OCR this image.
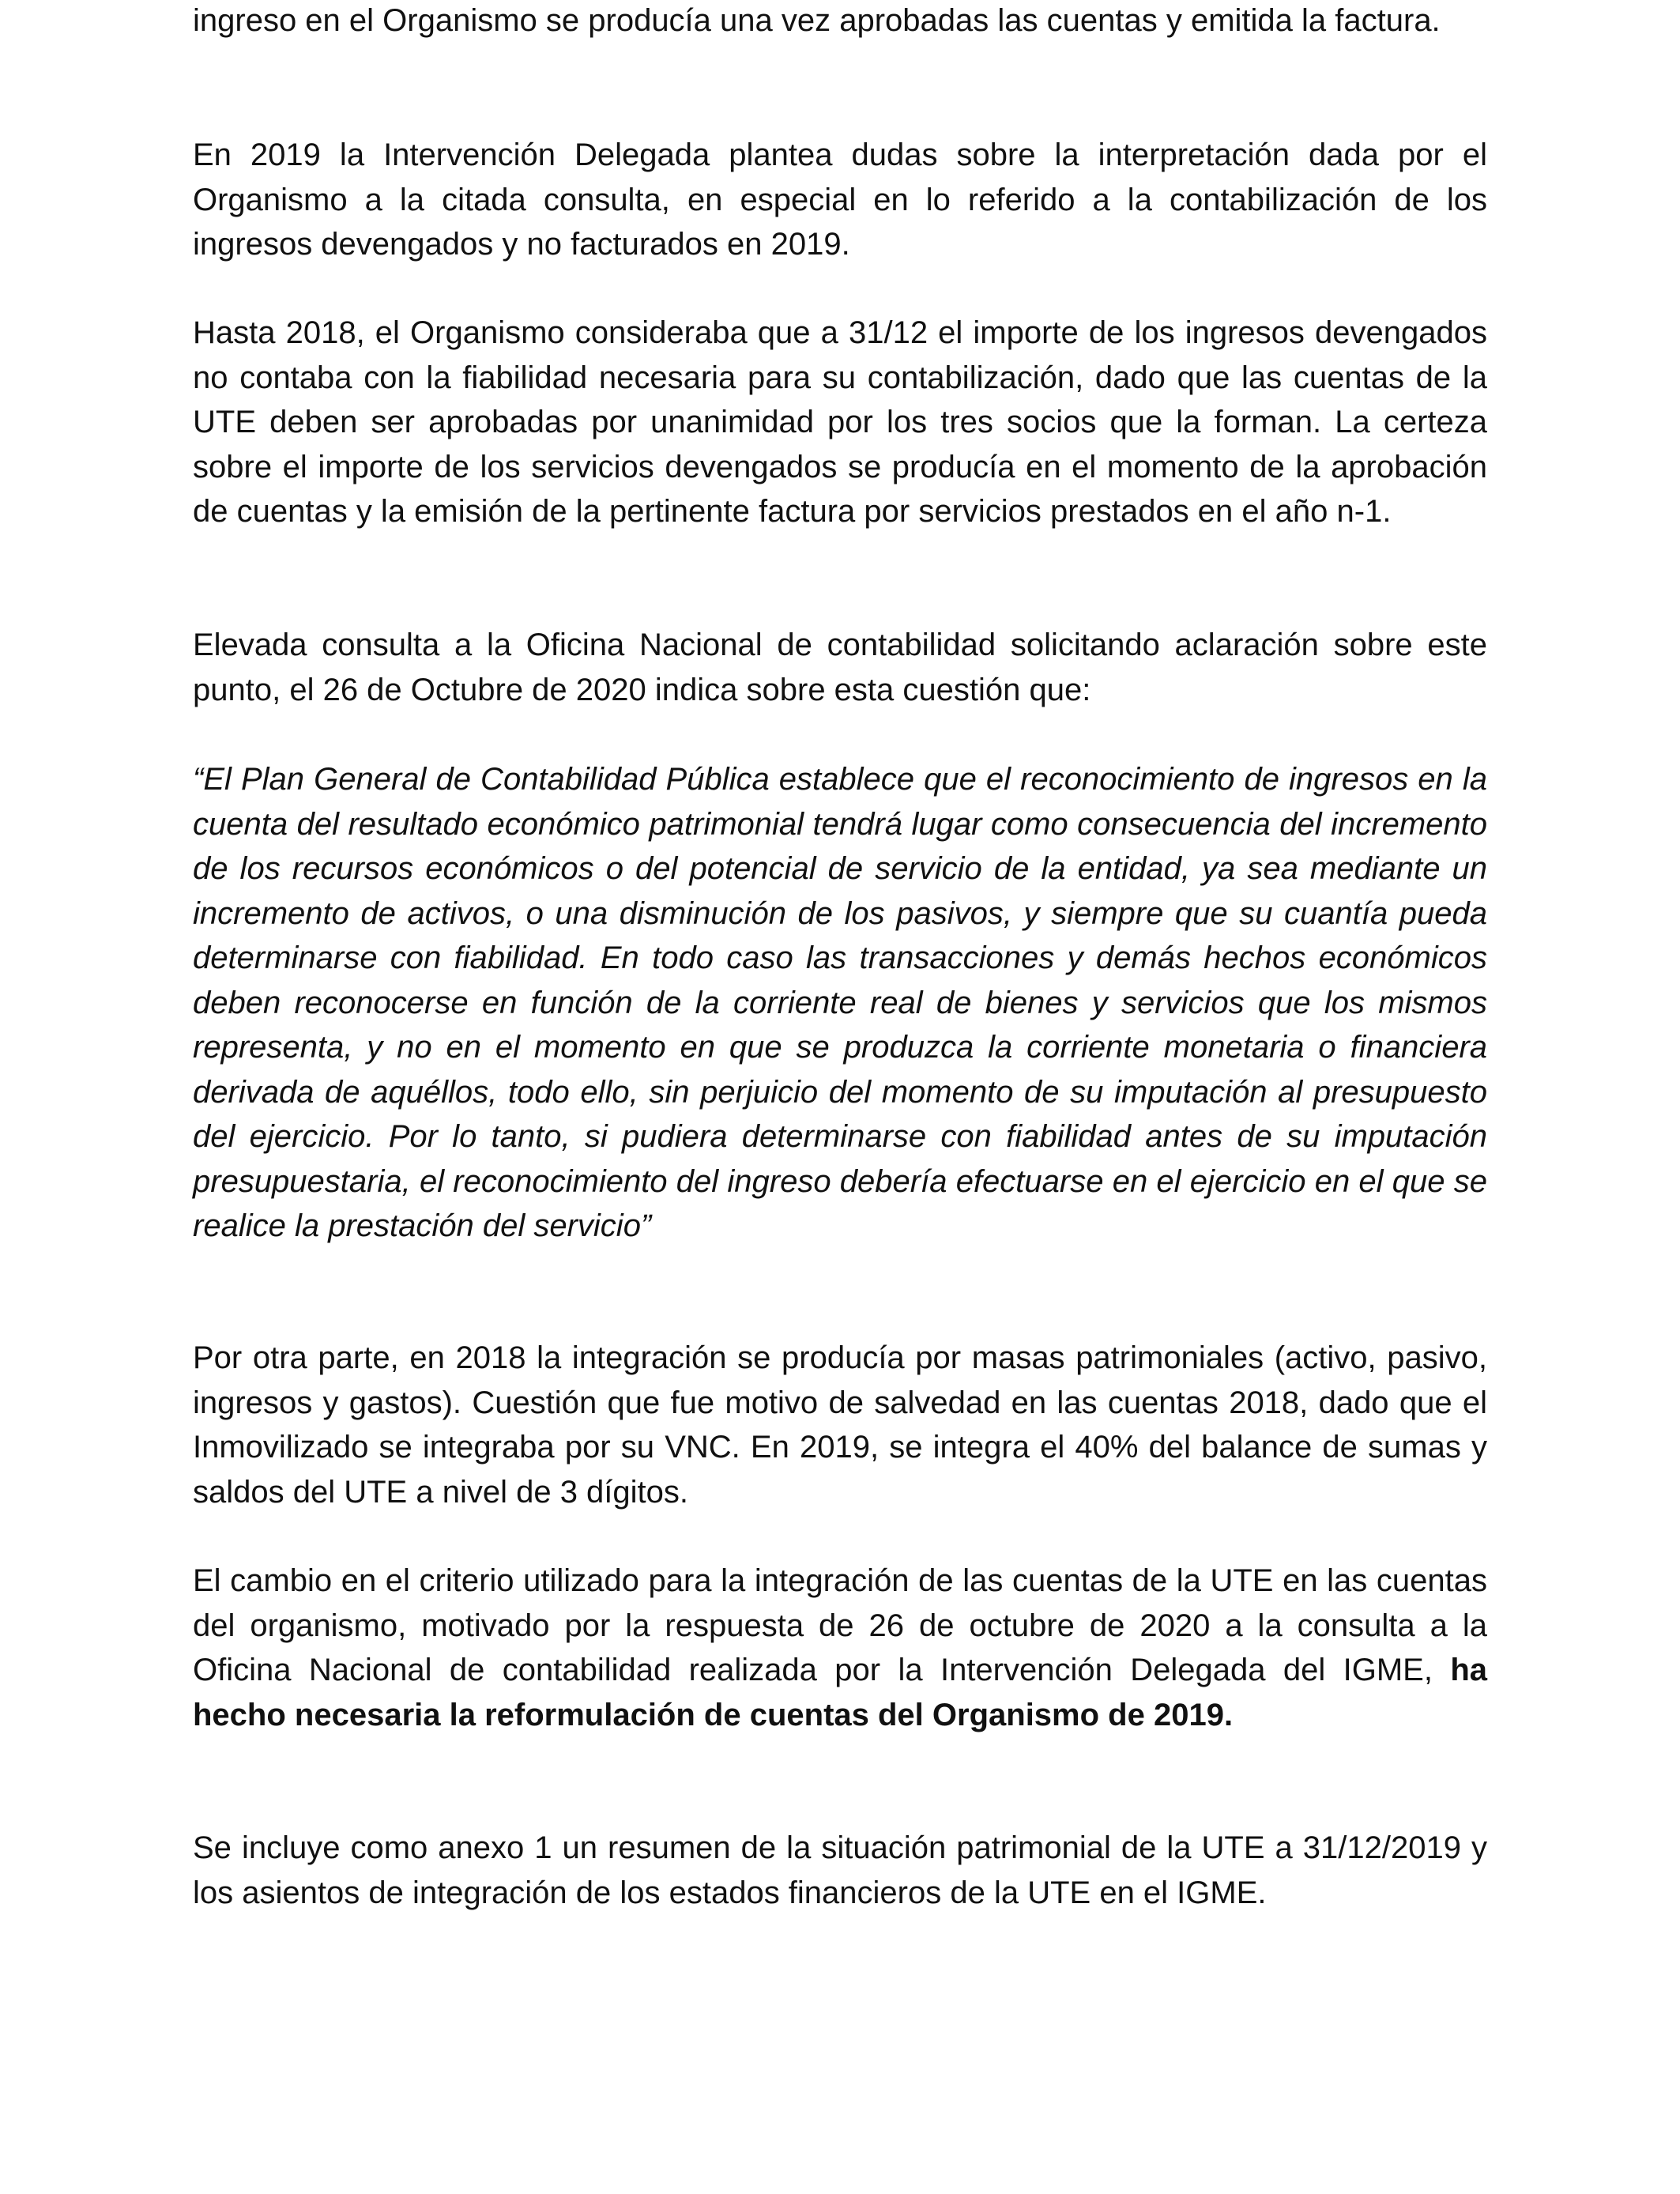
ingreso en el Organismo se producía una vez aprobadas las cuentas y emitida la factura.

En 2019 la Intervención Delegada plantea dudas sobre la interpretación dada por el Organismo a la citada consulta, en especial en lo referido a la contabilización de los ingresos devengados y no facturados en 2019.

Hasta 2018, el Organismo consideraba que a 31/12 el importe de los ingresos devengados no contaba con la fiabilidad necesaria para su contabilización, dado que las cuentas de la UTE deben ser aprobadas por unanimidad por los tres socios que la forman. La certeza sobre el importe de los servicios devengados se producía en el momento de la aprobación de cuentas y la emisión de la pertinente factura por servicios prestados en el año n-1.

Elevada consulta a la Oficina Nacional de contabilidad solicitando aclaración sobre este punto, el 26 de Octubre de 2020 indica sobre esta cuestión que:

“El Plan General de Contabilidad Pública establece que el reconocimiento de ingresos en la cuenta del resultado económico patrimonial tendrá lugar como consecuencia del incremento de los recursos económicos o del potencial de servicio de la entidad, ya sea mediante un incremento de activos, o una disminución de los pasivos, y siempre que su cuantía pueda determinarse con fiabilidad. En todo caso las transacciones y demás hechos económicos deben reconocerse en función de la corriente real de bienes y servicios que los mismos representa, y no en el momento en que se produzca la corriente monetaria o financiera derivada de aquéllos, todo ello, sin perjuicio del momento de su imputación al presupuesto del ejercicio. Por lo tanto, si pudiera determinarse con fiabilidad antes de su imputación presupuestaria, el reconocimiento del ingreso debería efectuarse en el ejercicio en el que se realice la prestación del servicio”

Por otra parte, en 2018 la integración se producía por masas patrimoniales (activo, pasivo, ingresos y gastos). Cuestión que fue motivo de salvedad en las cuentas 2018, dado que el Inmovilizado se integraba por su VNC. En 2019, se integra el 40% del balance de sumas y saldos del UTE a nivel de 3 dígitos.

El cambio en el criterio utilizado para la integración de las cuentas de la UTE en las cuentas del organismo, motivado por la respuesta de 26 de octubre de 2020 a la consulta a la Oficina Nacional de contabilidad realizada por la Intervención Delegada del IGME, ha hecho necesaria la reformulación de cuentas del Organismo de 2019.

Se incluye como anexo 1 un resumen de la situación patrimonial de la UTE a 31/12/2019 y los asientos de integración de los estados financieros de la UTE en el IGME.
